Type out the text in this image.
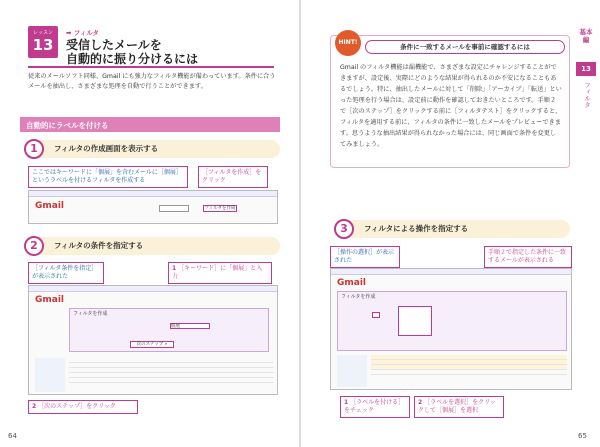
レッスン
13
➡ フィルタ
受信したメールを
自動的に振り分けるには
従来のメールソフト同様、Gmail にも強力なフィルタ機能が備わっています。条件に合うメールを抽出し、さまざまな処理を自動で行うことができます。
自動的にラベルを付ける
フィルタの作成画面を表示する
1
ここではキーワードに「個展」を含むメールに［個展］というラベルを付けるフィルタを作成する
［フィルタを作成］をクリック
Gmail	フィルタを作成
フィルタの条件を指定する
2
［フィルタ条件を指定］が表示された
1 ［キーワード］に「個展」と入力
Gmail
フィルタを作成
個展
次のステップ »
2 ［次のステップ］をクリック
64
HINT!
条件に一致するメールを事前に確認するには
Gmail のフィルタ機能は漏機能で、さまざまな設定にチャレンジすることができますが、設定後、実際にどのような結果が得られるのか不安になることもあるでしょう。特に、抽出したメールに対して「削除」「アーカイブ」「転送」といった処理を行う場合は、設定前に動作を確認しておきたいところです。手順２で［次のステップ］をクリックする前に［フィルタテスト］をクリックすると、フィルタを適用する前に、フィルタの条件に一致したメールをプレビューできます。思うような抽出結果が得られなかった場合には、同じ画面で条件を変更してみましょう。
基本編
13
フィルタ
フィルタによる操作を指定する
3
［操作の選択］が表示された
手順２で指定した条件に一致するメールが表示される
Gmail
フィルタを作成
1 ［ラベルを付ける］をチェック
2 ［ラベルを選択］をクリックして［個展］を選択
65
